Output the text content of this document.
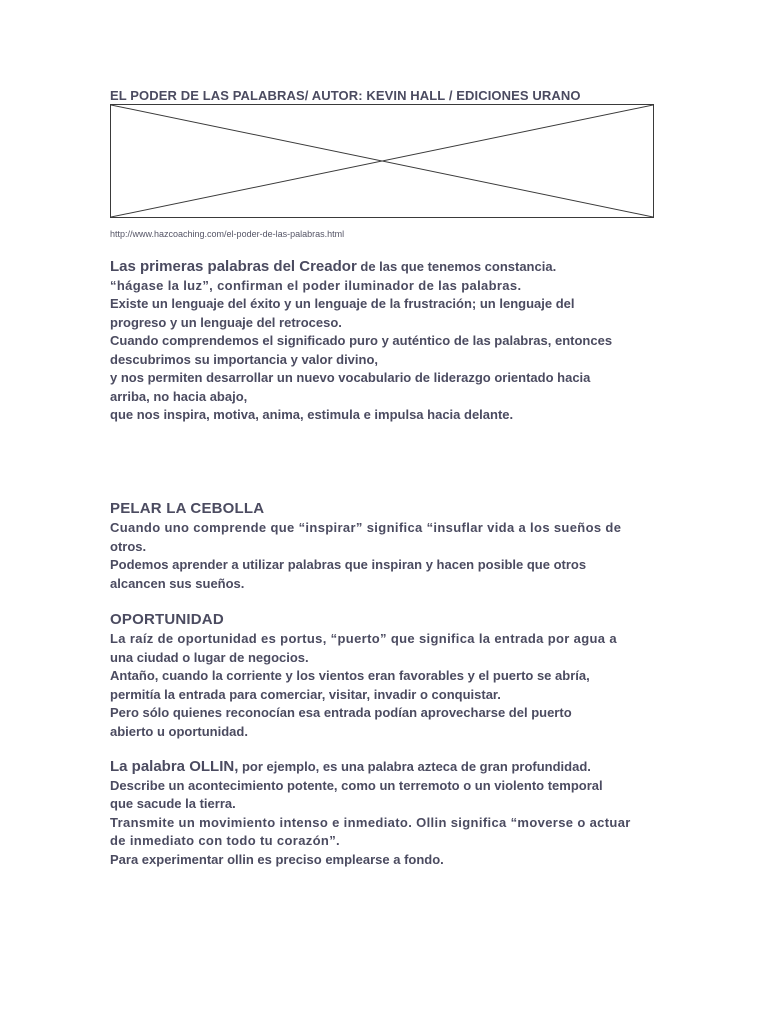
EL PODER DE LAS PALABRAS/ AUTOR: KEVIN HALL / EDICIONES URANO
http://www.hazcoaching.com/el-poder-de-las-palabras.html

Las primeras palabras del Creador de las que tenemos constancia.

“hágase la luz”, confirman el poder iluminador de las palabras.

Existe un lenguaje del éxito y un lenguaje de la frustración; un lenguaje del

progreso y un lenguaje del retroceso.

Cuando comprendemos el significado puro y auténtico de las palabras, entonces

descubrimos su importancia y valor divino,

y nos permiten desarrollar un nuevo vocabulario de liderazgo orientado hacia

arriba, no hacia abajo,

que nos inspira, motiva, anima, estimula e impulsa hacia delante.

PELAR LA CEBOLLA

Cuando uno comprende que “inspirar” significa “insuflar vida a los sueños de

otros.

Podemos aprender a utilizar palabras que inspiran y hacen posible que otros

alcancen sus sueños.

OPORTUNIDAD

La raíz de oportunidad es portus, “puerto” que significa la entrada por agua a

una ciudad o lugar de negocios.

Antaño, cuando la corriente y los vientos eran favorables y el puerto se abría,

permitía la entrada para comerciar, visitar, invadir o conquistar.

Pero sólo quienes reconocían esa entrada podían aprovecharse del puerto

abierto u oportunidad.

La palabra OLLIN, por ejemplo, es una palabra azteca de gran profundidad.

Describe un acontecimiento potente, como un terremoto o un violento temporal

que sacude la tierra.

Transmite un movimiento intenso e inmediato. Ollin significa “moverse o actuar

de inmediato con todo tu corazón”.

Para experimentar ollin es preciso emplearse a fondo.
